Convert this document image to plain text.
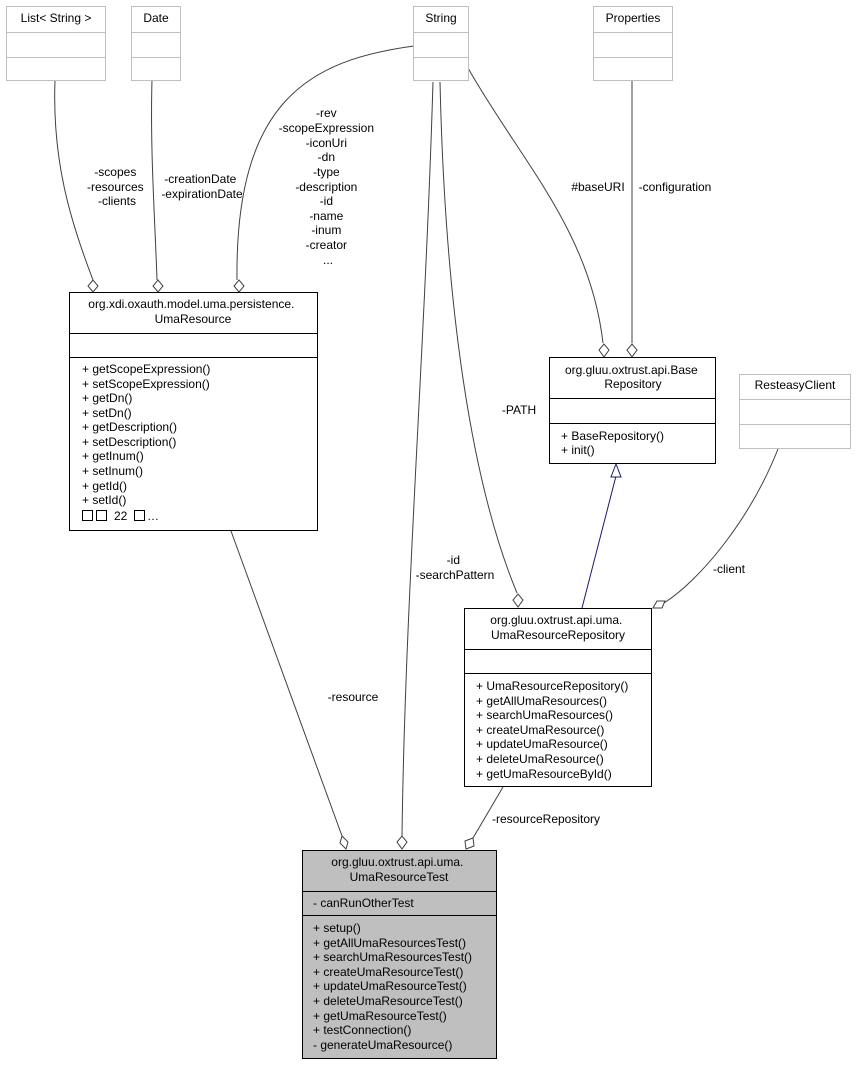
-scopes -resources -clients
-creationDate -expirationDate
-rev -scopeExpression -iconUri -dn -type -description -id -name -inum -creator ...
#baseURI -configuration
-PATH
-client
-id -searchPattern
-resource
-resourceRepository
List< String >	Date	String	Properties
ResteasyClient
org.xdi.oxauth.model.uma.persistence. UmaResource
+ getScopeExpression() + setScopeExpression() + getDn() + setDn() + getDescription() + setDescription() + getInum() + setInum() + getId() + setId()
22 …
org.gluu.oxtrust.api.Base Repository
+ BaseRepository() + init()
org.gluu.oxtrust.api.uma. UmaResourceRepository
+ UmaResourceRepository() + getAllUmaResources() + searchUmaResources() + createUmaResource() + updateUmaResource() + deleteUmaResource() + getUmaResourceById()
org.gluu.oxtrust.api.uma. UmaResourceTest
- canRunOtherTest
+ setup() + getAllUmaResourcesTest() + searchUmaResourcesTest() + createUmaResourceTest() + updateUmaResourceTest() + deleteUmaResourceTest() + getUmaResourceTest() + testConnection() - generateUmaResource()
